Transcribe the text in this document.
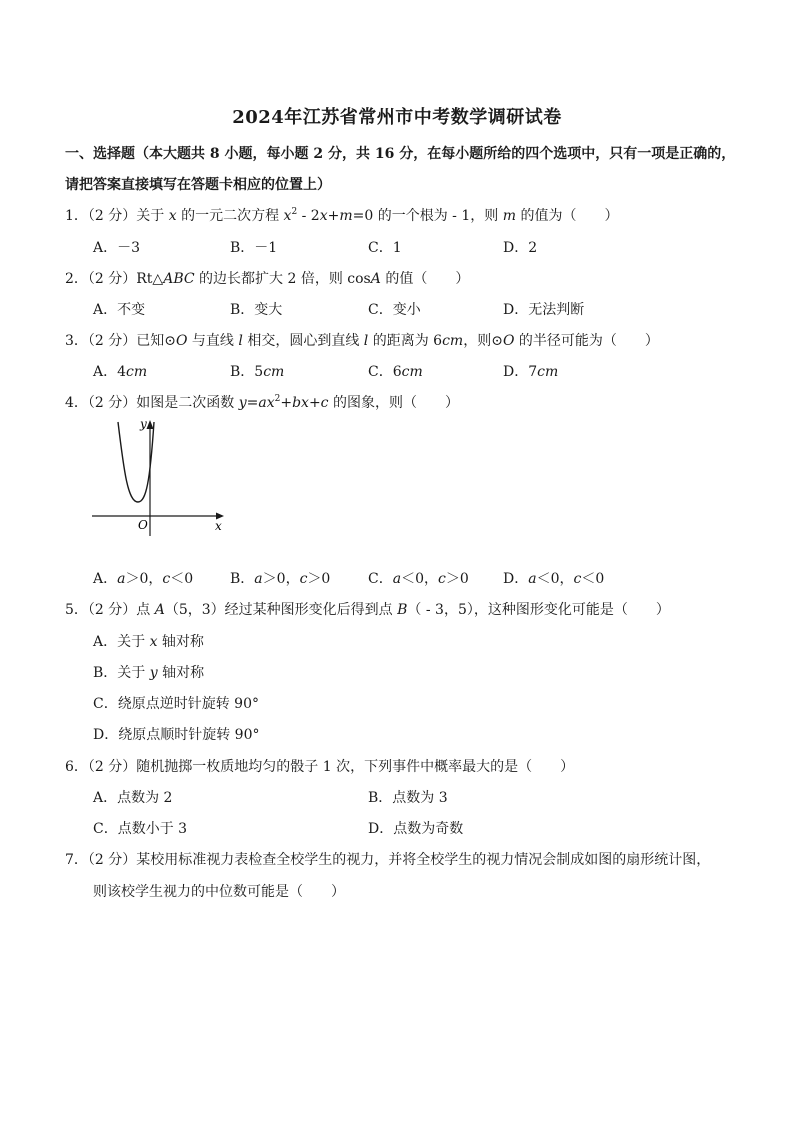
2024年江苏省常州市中考数学调研试卷
一、选择题（本大题共 8 小题，每小题 2 分，共 16 分，在每小题所给的四个选项中，只有一项是正确的，
请把答案直接填写在答题卡相应的位置上）
1．（2 分）关于 x 的一元二次方程 $x^2 - 2x+m=0$ 的一个根为 - 1，则 m 的值为（　　）
A．－3	B．－1	C．1	D．2
2．（2 分）Rt△ABC 的边长都扩大 2 倍，则 cosA 的值（　　）
A．不变	B．变大	C．变小	D．无法判断
3．（2 分）已知⊙O 与直线 l 相交，圆心到直线 l 的距离为 6cm，则⊙O 的半径可能为（　　）
A．4cm	B．5cm	C．6cm	D．7cm
4．（2 分）如图是二次函数 $y=ax^2+bx+c$ 的图象，则（　　）
y
x
O
A．a＞0，c＜0	B．a＞0，c＞0	C．a＜0，c＞0 D．a＜0，c＜0
5．（2 分）点 A（5，3）经过某种图形变化后得到点 B（ - 3，5），这种图形变化可能是（　　）
A．关于 x 轴对称
B．关于 y 轴对称
C．绕原点逆时针旋转 90°
D．绕原点顺时针旋转 90°
6．（2 分）随机抛掷一枚质地均匀的骰子 1 次，下列事件中概率最大的是（　　）
A．点数为 2	B．点数为 3
C．点数小于 3	D．点数为奇数
7．（2 分）某校用标准视力表检查全校学生的视力，并将全校学生的视力情况会制成如图的扇形统计图，
则该校学生视力的中位数可能是（　　）
